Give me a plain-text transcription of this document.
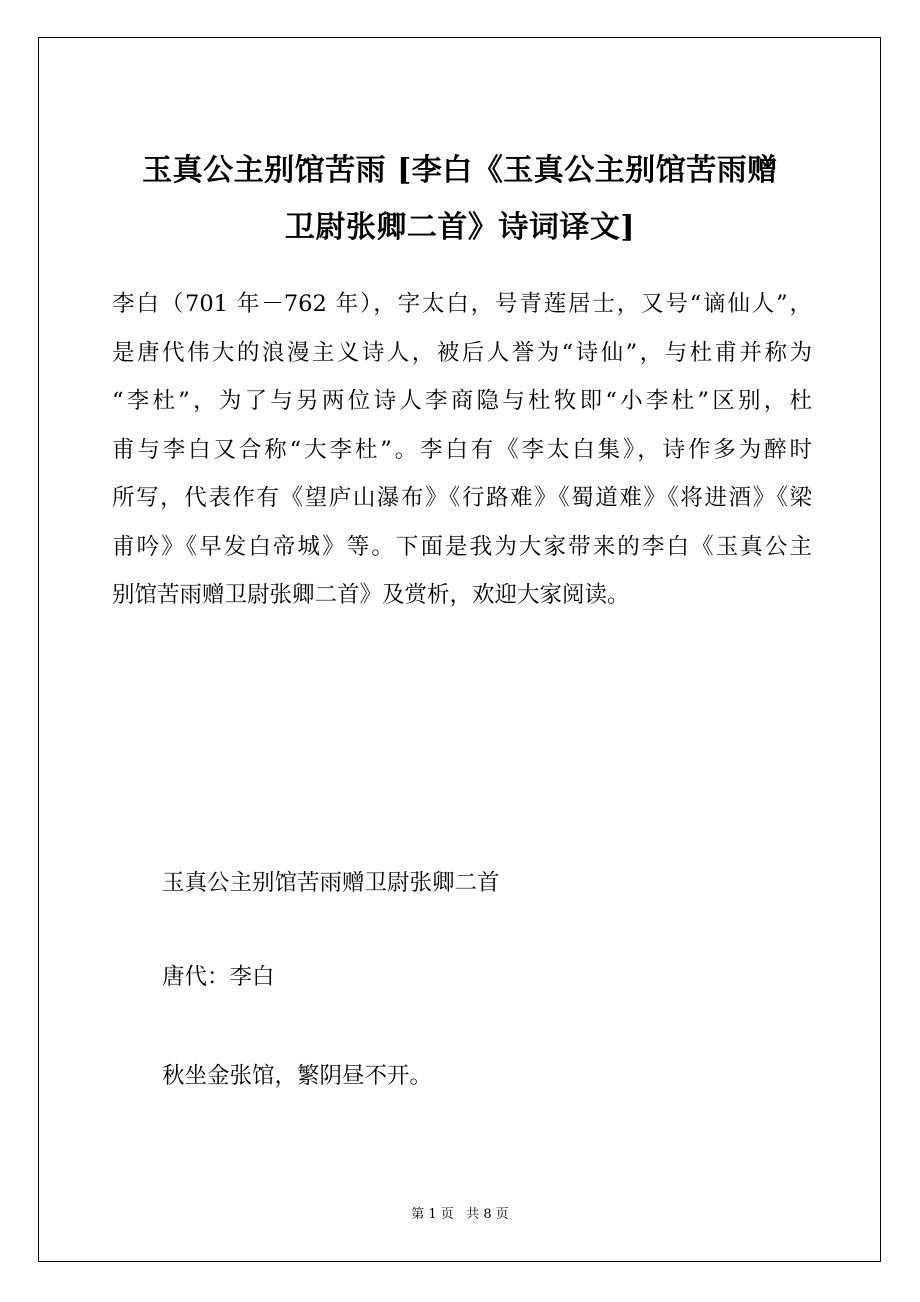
玉真公主别馆苦雨 [李白《玉真公主别馆苦雨赠
卫尉张卿二首》诗词译文]

李白（701 年－762 年），字太白，号青莲居士，又号“谪仙人”，
是唐代伟大的浪漫主义诗人，被后人誉为“诗仙”，与杜甫并称为
“李杜”，为了与另两位诗人李商隐与杜牧即“小李杜”区别，杜
甫与李白又合称“大李杜”。李白有《李太白集》，诗作多为醉时
所写，代表作有《望庐山瀑布》《行路难》《蜀道难》《将进酒》《梁
甫吟》《早发白帝城》等。下面是我为大家带来的李白《玉真公主
别馆苦雨赠卫尉张卿二首》及赏析，欢迎大家阅读。

玉真公主别馆苦雨赠卫尉张卿二首

唐代：李白

秋坐金张馆，繁阴昼不开。

第 1 页   共 8 页
